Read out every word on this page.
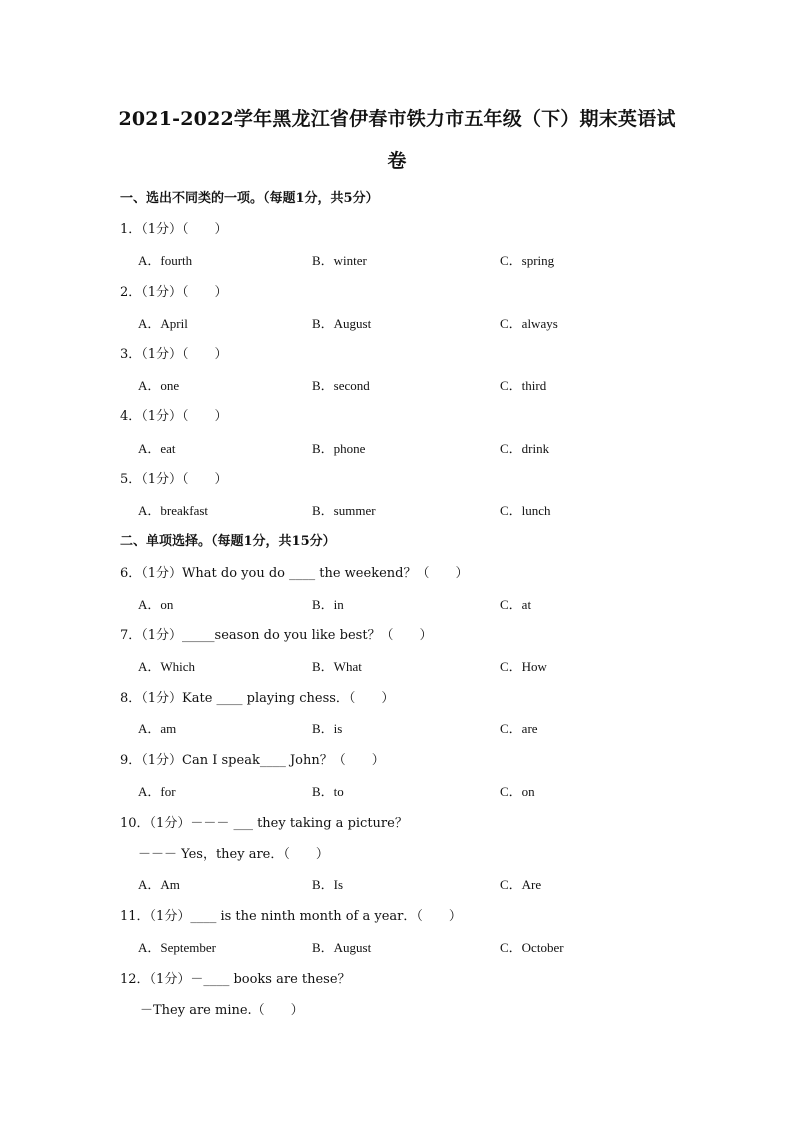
2021-2022学年黑龙江省伊春市铁力市五年级（下）期末英语试
卷
一、选出不同类的一项。（每题1分，共5分）
1．（1分）（　　）
A．fourth	B．winter	C．spring
2．（1分）（　　）
A．April	B．August	C．always
3．（1分）（　　）
A．one	B．second	C．third
4．（1分）（　　）
A．eat	B．phone	C．drink
5．（1分）（　　）
A．breakfast	B．summer	C．lunch
二、单项选择。（每题1分，共15分）
6．（1分）What do you do ____ the weekend？（　　）
A．on	B．in	C．at
7．（1分）_____season do you like best？（　　）
A．Which	B．What	C．How
8．（1分）Kate ____ playing chess．（　　）
A．am	B．is	C．are
9．（1分）Can I speak____ John？（　　）
A．for	B．to	C．on
10．（1分）－－－ ___ they taking a picture？
－－－ Yes，they are．（　　）
A．Am	B．Is	C．Are
11．（1分）____ is the ninth month of a year．（　　）
A．September	B．August	C．October
12．（1分）－____ books are these？
－They are mine.（　　）
